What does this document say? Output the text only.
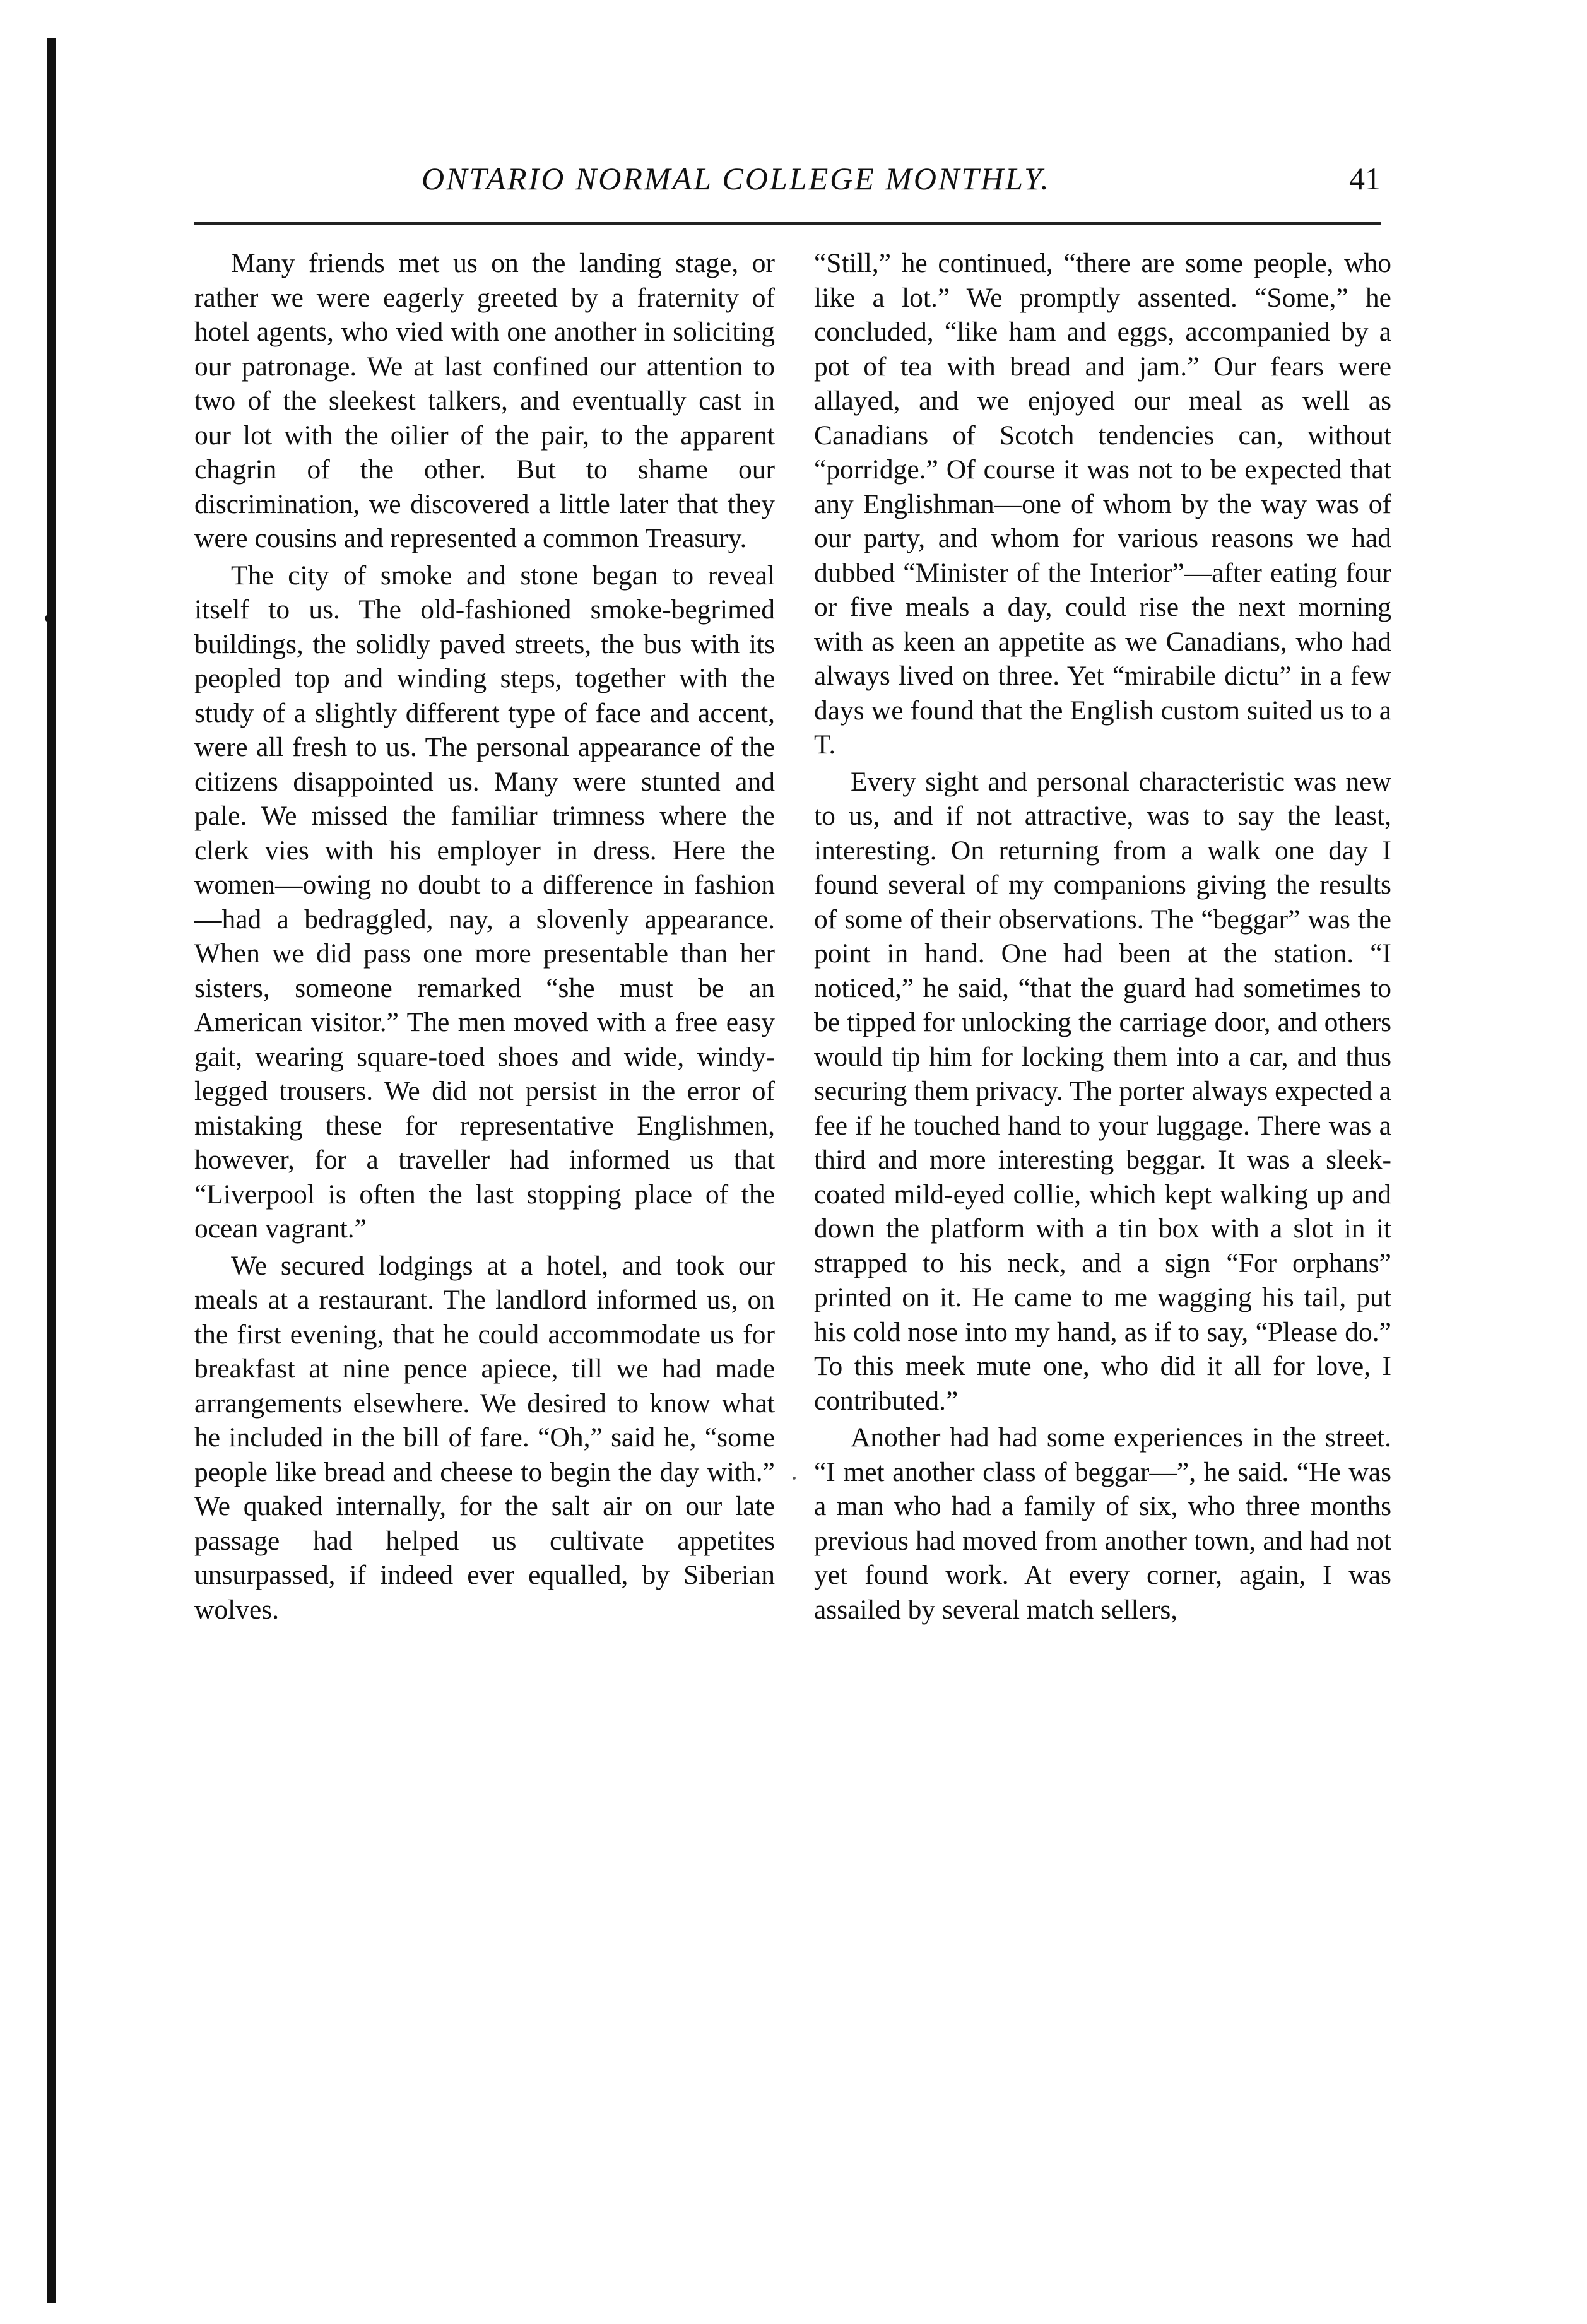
ONTARIO NORMAL COLLEGE MONTHLY.	41

Many friends met us on the landing stage, or rather we were eagerly greeted by a fraternity of hotel agents, who vied with one another in soliciting our patronage. We at last confined our attention to two of the sleekest talkers, and eventually cast in our lot with the oilier of the pair, to the apparent chagrin of the other. But to shame our discrimination, we discovered a little later that they were cousins and represented a common Treasury.

The city of smoke and stone began to reveal itself to us. The old-fashioned smoke-begrimed buildings, the solidly paved streets, the bus with its peopled top and winding steps, together with the study of a slightly different type of face and accent, were all fresh to us. The personal appearance of the citizens disappointed us. Many were stunted and pale. We missed the familiar trimness where the clerk vies with his employer in dress. Here the women—owing no doubt to a difference in fashion—had a bedraggled, nay, a slovenly appearance. When we did pass one more presentable than her sisters, someone remarked “she must be an American visitor.” The men moved with a free easy gait, wearing square-toed shoes and wide, windy-legged trousers. We did not persist in the error of mistaking these for representative Englishmen, however, for a traveller had informed us that “Liverpool is often the last stopping place of the ocean vagrant.”

We secured lodgings at a hotel, and took our meals at a restaurant. The landlord informed us, on the first evening, that he could accommodate us for breakfast at nine pence apiece, till we had made arrangements elsewhere. We desired to know what he included in the bill of fare. “Oh,” said he, “some people like bread and cheese to begin the day with.” We quaked internally, for the salt air on our late passage had helped us cultivate appetites unsurpassed, if indeed ever equalled, by Siberian wolves.

“Still,” he continued, “there are some people, who like a lot.” We promptly assented. “Some,” he concluded, “like ham and eggs, accompanied by a pot of tea with bread and jam.” Our fears were allayed, and we enjoyed our meal as well as Canadians of Scotch tendencies can, without “porridge.” Of course it was not to be expected that any Englishman—one of whom by the way was of our party, and whom for various reasons we had dubbed “Minister of the Interior”—after eating four or five meals a day, could rise the next morning with as keen an appetite as we Canadians, who had always lived on three. Yet “mirabile dictu” in a few days we found that the English custom suited us to a T.

Every sight and personal characteristic was new to us, and if not attractive, was to say the least, interesting. On returning from a walk one day I found several of my companions giving the results of some of their observations. The “beggar” was the point in hand. One had been at the station. “I noticed,” he said, “that the guard had sometimes to be tipped for unlocking the carriage door, and others would tip him for locking them into a car, and thus securing them privacy. The porter always expected a fee if he touched hand to your luggage. There was a third and more interesting beggar. It was a sleek-coated mild-eyed collie, which kept walking up and down the platform with a tin box with a slot in it strapped to his neck, and a sign “For orphans” printed on it. He came to me wagging his tail, put his cold nose into my hand, as if to say, “Please do.” To this meek mute one, who did it all for love, I contributed.”

Another had had some experiences in the street. “I met another class of beggar—”, he said. “He was a man who had a family of six, who three months previous had moved from another town, and had not yet found work. At every corner, again, I was assailed by several match sellers,
